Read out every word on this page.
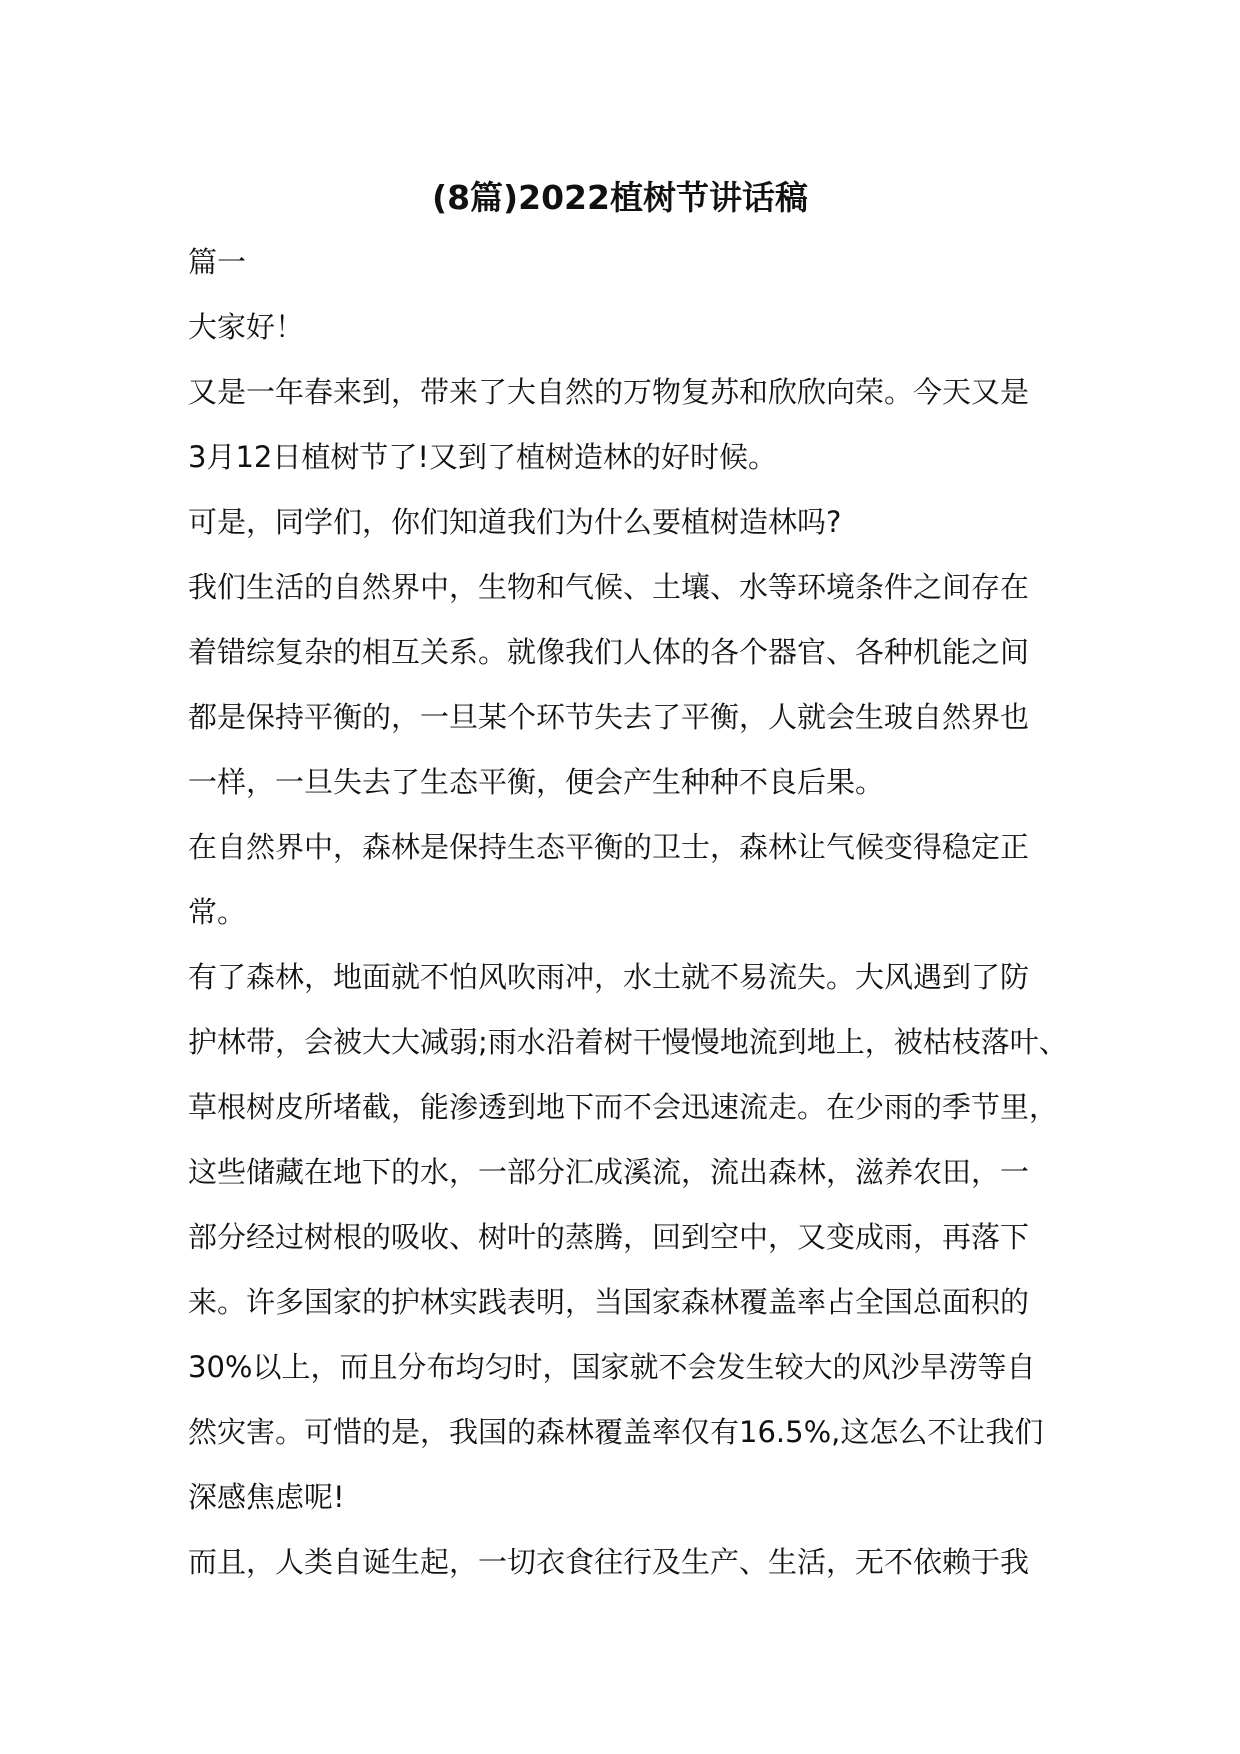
(8篇)2022植树节讲话稿
篇一
大家好！
又是一年春来到，带来了大自然的万物复苏和欣欣向荣。今天又是
3月12日植树节了!又到了植树造林的好时候。
可是，同学们，你们知道我们为什么要植树造林吗?
我们生活的自然界中，生物和气候、土壤、水等环境条件之间存在
着错综复杂的相互关系。就像我们人体的各个器官、各种机能之间
都是保持平衡的，一旦某个环节失去了平衡，人就会生玻自然界也
一样，一旦失去了生态平衡，便会产生种种不良后果。
在自然界中，森林是保持生态平衡的卫士，森林让气候变得稳定正
常。
有了森林，地面就不怕风吹雨冲，水土就不易流失。大风遇到了防
护林带，会被大大减弱;雨水沿着树干慢慢地流到地上，被枯枝落叶、
草根树皮所堵截，能渗透到地下而不会迅速流走。在少雨的季节里，
这些储藏在地下的水，一部分汇成溪流，流出森林，滋养农田，一
部分经过树根的吸收、树叶的蒸腾，回到空中，又变成雨，再落下
来。许多国家的护林实践表明，当国家森林覆盖率占全国总面积的
30%以上，而且分布均匀时，国家就不会发生较大的风沙旱涝等自
然灾害。可惜的是，我国的森林覆盖率仅有16.5%,这怎么不让我们
深感焦虑呢!
而且，人类自诞生起，一切衣食往行及生产、生活，无不依赖于我
